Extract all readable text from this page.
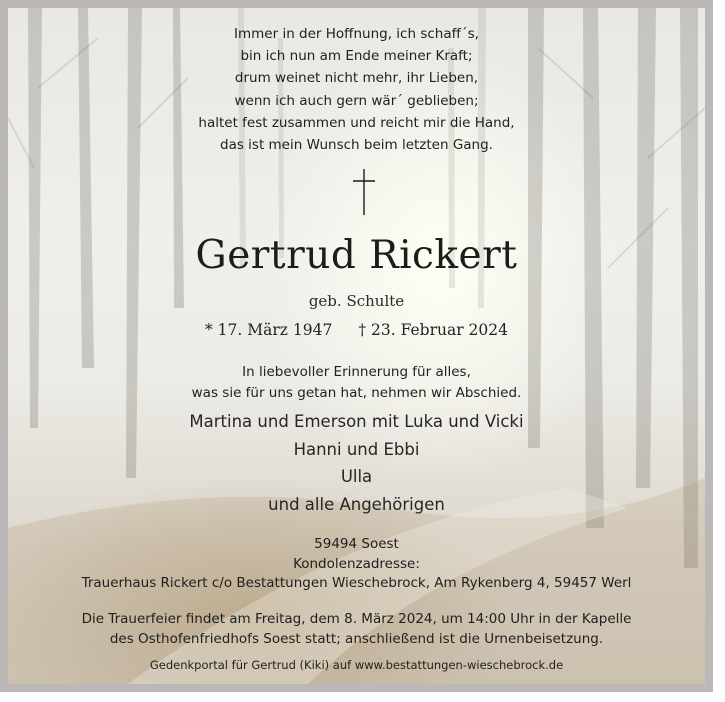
Immer in der Hoffnung, ich schaff´s,
bin ich nun am Ende meiner Kraft;
drum weinet nicht mehr, ihr Lieben,
wenn ich auch gern wär´ geblieben;
haltet fest zusammen und reicht mir die Hand,
das ist mein Wunsch beim letzten Gang.
Gertrud Rickert
geb. Schulte
* 17. März 1947 † 23. Februar 2024
In liebevoller Erinnerung für alles,
was sie für uns getan hat, nehmen wir Abschied.
Martina und Emerson mit Luka und Vicki
Hanni und Ebbi
Ulla
und alle Angehörigen
59494 Soest
Kondolenzadresse:
Trauerhaus Rickert c/o Bestattungen Wieschebrock, Am Rykenberg 4, 59457 Werl
Die Trauerfeier findet am Freitag, dem 8. März 2024, um 14:00 Uhr in der Kapelle
des Osthofenfriedhofs Soest statt; anschließend ist die Urnenbeisetzung.
Gedenkportal für Gertrud (Kiki) auf www.bestattungen-wieschebrock.de
